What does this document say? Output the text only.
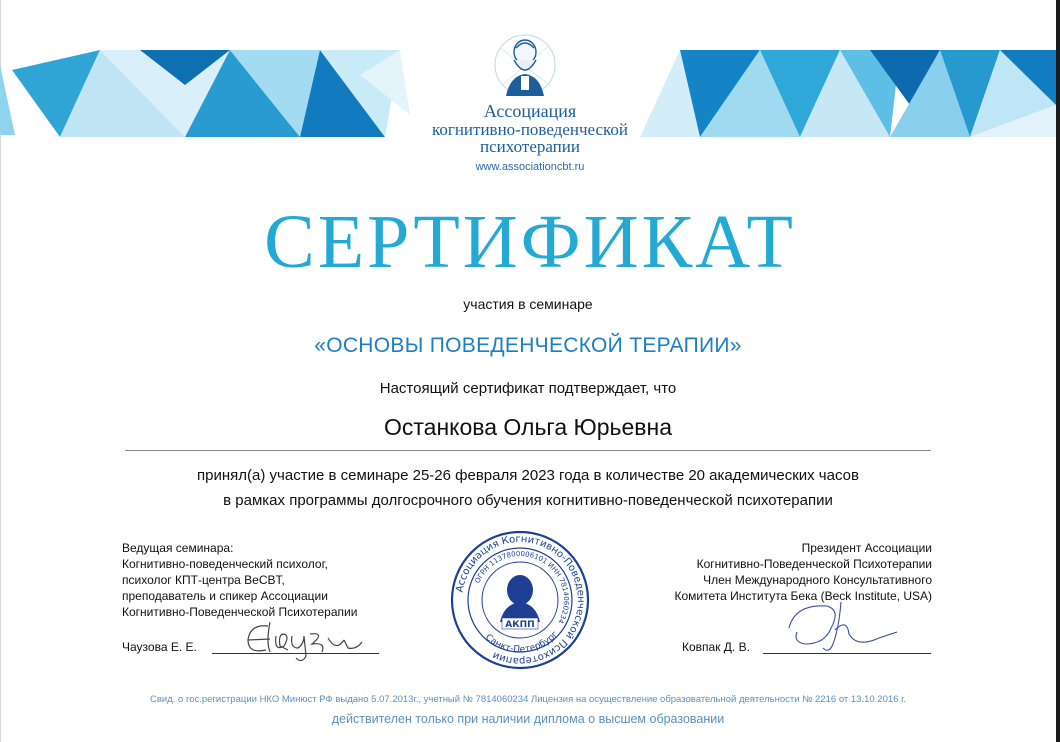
Ассоциация
когнитивно-поведенческой
психотерапии
www.associationcbt.ru
СЕРТИФИКАТ
участия в семинаре
«ОСНОВЫ ПОВЕДЕНЧЕСКОЙ ТЕРАПИИ»
Настоящий сертификат подтверждает, что
Останкова Ольга Юрьевна
принял(а) участие в семинаре 25-26 февраля 2023 года в количестве 20 академических часов
в рамках программы долгосрочного обучения когнитивно-поведенческой психотерапии
Ведущая семинара:
Когнитивно-поведенческий психолог,
психолог КПТ-центра BeCBT,
преподаватель и спикер Ассоциации
Когнитивно-Поведенческой Психотерапии
Президент Ассоциации
Когнитивно-Поведенческой Психотерапии
Член Международного Консультативного
Комитета Института Бека (Beck Institute, USA)
Чаузова Е. Е.	Ковпак Д. В.
Ассоциация Когнитивно-Поведенческой Психотерапии
ОГРН 1137800006101 ИНН 7814060234
Санкт-Петербург
АКПП
Свид. о гос.регистрации НКО Минюст РФ выдано 5.07.2013г., учетный № 7814060234 Лицензия на осуществление образовательной деятельности № 2216 от 13.10.2016 г.
действителен только при наличии диплома о высшем образовании
